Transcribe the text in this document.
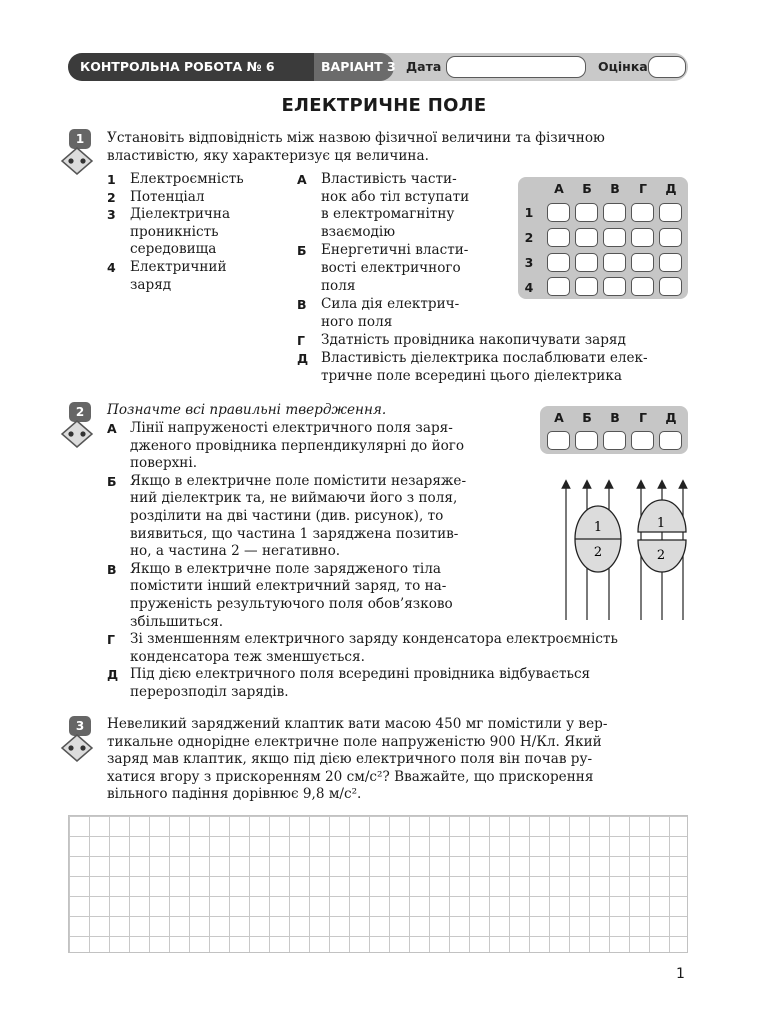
КОНТРОЛЬНА РОБОТА № 6	ВАРІАНТ 3 Дата	Оцінка
ЕЛЕКТРИЧНЕ ПОЛЕ
1	Установіть відповідність між назвою фізичної величини та фізичною
властивістю, яку характеризує ця величина.
1	Електроємність
2	Потенціал
3	Діелектрична
проникність
середовища
4	Електричний
заряд
А	Властивість части-
нок або тіл вступати
в електромагнітну
взаємодію
Б	Енергетичні власти-
вості електричного
поля
В	Сила дія електрич-
ного поля
Г	Здатність провідника накопичувати заряд
Д Властивість діелектрика послаблювати елек-
тричне поле всередині цього діелектрика
А	Б	В	Г	Д
1
2
3
4
2	Позначте всі правильні твердження.	А	Б	В	Г	Д
А Лінії напруженості електричного поля заря-
дженого провідника перпендикулярні до його
поверхні.
Б Якщо в електричне поле помістити незаряже-
ний діелектрик та, не виймаючи його з поля,
розділити на дві частини (див. рисунок), то
виявиться, що частина 1 заряджена позитив-
но, а частина 2 — негативно.
В Якщо в електричне поле зарядженого тіла
помістити інший електричний заряд, то на-
пруженість результуючого поля обов’язково
збільшиться.
Г	Зі зменшенням електричного заряду конденсатора електроємність
конденсатора теж зменшується.
Д Під дією електричного поля всередині провідника відбувається
перерозподіл зарядів.
1
2
1
2
3	Невеликий заряджений клаптик вати масою 450 мг помістили у вер-
тикальне однорідне електричне поле напруженістю 900 Н/Кл. Який
заряд мав клаптик, якщо під дією електричного поля він почав ру-
хатися вгору з прискоренням 20 см/с²? Вважайте, що прискорення
вільного падіння дорівнює 9,8 м/с².
1
